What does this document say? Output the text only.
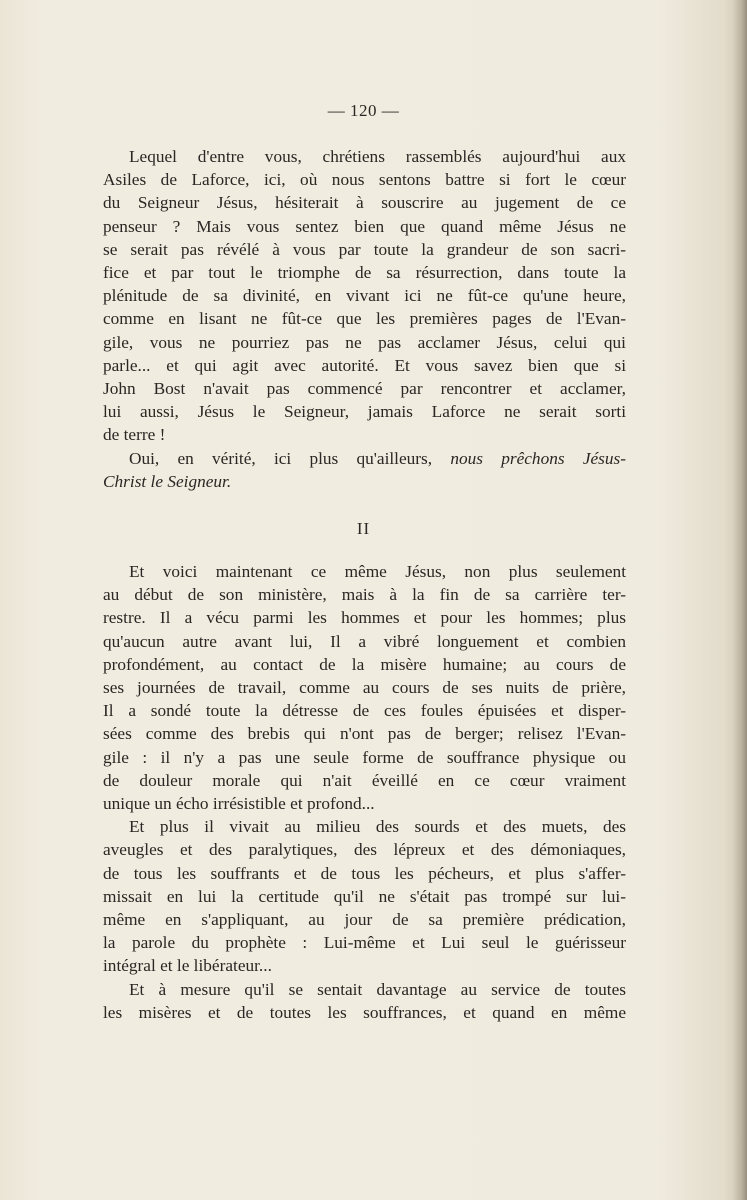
— 120 —
Lequel d'entre vous, chrétiens rassemblés aujourd'hui aux
Asiles de Laforce, ici, où nous sentons battre si fort le cœur
du Seigneur Jésus, hésiterait à souscrire au jugement de ce
penseur ? Mais vous sentez bien que quand même Jésus ne
se serait pas révélé à vous par toute la grandeur de son sacri-
fice et par tout le triomphe de sa résurrection, dans toute la
plénitude de sa divinité, en vivant ici ne fût-ce qu'une heure,
comme en lisant ne fût-ce que les premières pages de l'Evan-
gile, vous ne pourriez pas ne pas acclamer Jésus, celui qui
parle... et qui agit avec autorité. Et vous savez bien que si
John Bost n'avait pas commencé par rencontrer et acclamer,
lui aussi, Jésus le Seigneur, jamais Laforce ne serait sorti
de terre !
Oui, en vérité, ici plus qu'ailleurs, nous prêchons Jésus-
Christ le Seigneur.
II
Et voici maintenant ce même Jésus, non plus seulement
au début de son ministère, mais à la fin de sa carrière ter-
restre. Il a vécu parmi les hommes et pour les hommes; plus
qu'aucun autre avant lui, Il a vibré longuement et combien
profondément, au contact de la misère humaine; au cours de
ses journées de travail, comme au cours de ses nuits de prière,
Il a sondé toute la détresse de ces foules épuisées et disper-
sées comme des brebis qui n'ont pas de berger; relisez l'Evan-
gile : il n'y a pas une seule forme de souffrance physique ou
de douleur morale qui n'ait éveillé en ce cœur vraiment
unique un écho irrésistible et profond...
Et plus il vivait au milieu des sourds et des muets, des
aveugles et des paralytiques, des lépreux et des démoniaques,
de tous les souffrants et de tous les pécheurs, et plus s'affer-
missait en lui la certitude qu'il ne s'était pas trompé sur lui-
même en s'appliquant, au jour de sa première prédication,
la parole du prophète : Lui-même et Lui seul le guérisseur
intégral et le libérateur...
Et à mesure qu'il se sentait davantage au service de toutes
les misères et de toutes les souffrances, et quand en même
